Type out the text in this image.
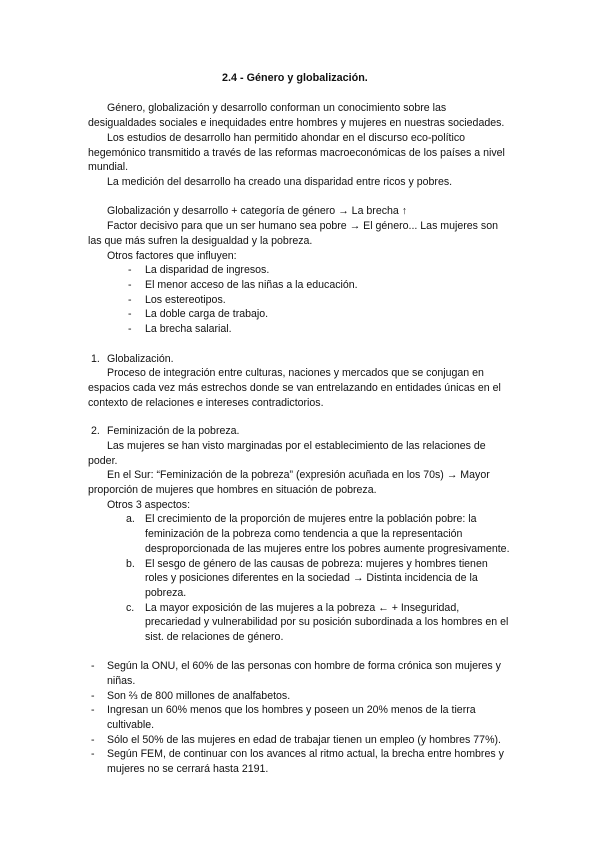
2.4 - Género y globalización.
Género, globalización y desarrollo conforman un conocimiento sobre las
desigualdades sociales e inequidades entre hombres y mujeres en nuestras sociedades.
Los estudios de desarrollo han permitido ahondar en el discurso eco-político
hegemónico transmitido a través de las reformas macroeconómicas de los países a nivel
mundial.
La medición del desarrollo ha creado una disparidad entre ricos y pobres.
Globalización y desarrollo + categoría de género → La brecha ↑
Factor decisivo para que un ser humano sea pobre → El género... Las mujeres son
las que más sufren la desigualdad y la pobreza.
Otros factores que influyen:
- La disparidad de ingresos.
- El menor acceso de las niñas a la educación.
- Los estereotipos.
- La doble carga de trabajo.
- La brecha salarial.
1. Globalización.
Proceso de integración entre culturas, naciones y mercados que se conjugan en
espacios cada vez más estrechos donde se van entrelazando en entidades únicas en el
contexto de relaciones e intereses contradictorios.
2. Feminización de la pobreza.
Las mujeres se han visto marginadas por el establecimiento de las relaciones de
poder.
En el Sur: “Feminización de la pobreza” (expresión acuñada en los 70s) → Mayor
proporción de mujeres que hombres en situación de pobreza.
Otros 3 aspectos:
a. El crecimiento de la proporción de mujeres entre la población pobre: la
feminización de la pobreza como tendencia a que la representación
desproporcionada de las mujeres entre los pobres aumente progresivamente.
b. El sesgo de género de las causas de pobreza: mujeres y hombres tienen
roles y posiciones diferentes en la sociedad → Distinta incidencia de la
pobreza.
c. La mayor exposición de las mujeres a la pobreza ← + Inseguridad,
precariedad y vulnerabilidad por su posición subordinada a los hombres en el
sist. de relaciones de género.
- Según la ONU, el 60% de las personas con hombre de forma crónica son mujeres y
niñas.
- Son ⅔ de 800 millones de analfabetos.
- Ingresan un 60% menos que los hombres y poseen un 20% menos de la tierra
cultivable.
- Sólo el 50% de las mujeres en edad de trabajar tienen un empleo (y hombres 77%).
- Según FEM, de continuar con los avances al ritmo actual, la brecha entre hombres y
mujeres no se cerrará hasta 2191.
